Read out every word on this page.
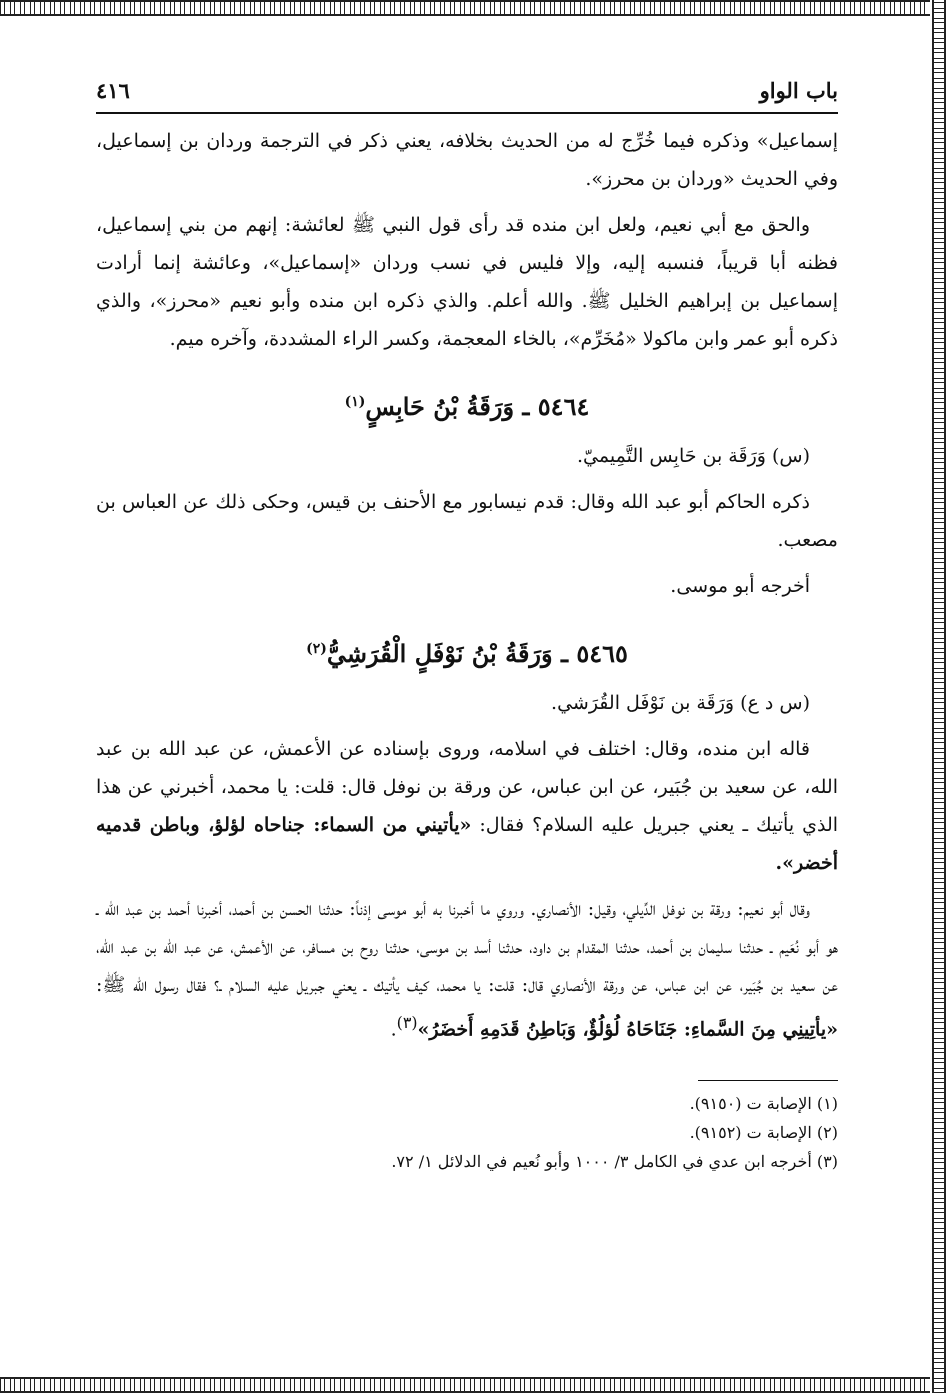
باب الواو
٤١٦

إسماعيل» وذكره فيما خُرِّج له من الحديث بخلافه، يعني ذكر في الترجمة وردان بن إسماعيل، وفي الحديث «وردان بن محرز».

والحق مع أبي نعيم، ولعل ابن منده قد رأى قول النبي ﷺ لعائشة: إنهم من بني إسماعيل، فظنه أبا قريباً، فنسبه إليه، وإلا فليس في نسب وردان «إسماعيل»، وعائشة إنما أرادت إسماعيل بن إبراهيم الخليل ﷺ. والله أعلم. والذي ذكره ابن منده وأبو نعيم «محرز»، والذي ذكره أبو عمر وابن ماكولا «مُخَرِّم»، بالخاء المعجمة، وكسر الراء المشددة، وآخره ميم.

٥٤٦٤ ـ وَرَقَةُ بْنُ حَابِسٍ$^{(١)}$

(س) وَرَقَة بن حَابِس التَّمِيميّ.

ذكره الحاكم أبو عبد الله وقال: قدم نيسابور مع الأحنف بن قيس، وحكى ذلك عن العباس بن مصعب.

أخرجه أبو موسى.

٥٤٦٥ ـ وَرَقَةُ بْنُ نَوْفَلٍ الْقُرَشِيُّ$^{(٢)}$

(س د ع) وَرَقَة بن نَوْفَل القُرَشي.

قاله ابن منده، وقال: اختلف في اسلامه، وروى بإسناده عن الأعمش، عن عبد الله بن عبد الله، عن سعيد بن جُبَير، عن ابن عباس، عن ورقة بن نوفل قال: قلت: يا محمد، أخبرني عن هذا الذي يأتيك ـ يعني جبريل عليه السلام؟ فقال: «يأتيني من السماء: جناحاه لؤلؤ، وباطن قدميه أخضر».

وقال أبو نعيم: ورقة بن نوفل الدِّيلي، وقيل: الأنصاري. وروي ما أخبرنا به أبو موسى إذناً: حدثنا الحسن بن أحمد، أخبرنا أحمد بن عبد الله ـ هو أبو نُعَيم ـ حدثنا سليمان بن أحمد، حدثنا المقدام بن داود، حدثنا أسد بن موسى، حدثنا روح بن مسافر، عن الأعمش، عن عبد الله بن عبد الله، عن سعيد بن جُبَير، عن ابن عباس، عن ورقة الأنصاري قال: قلت: يا محمد، كيف يأتيك ـ يعني جبريل عليه السلام ـ؟ فقال رسول الله ﷺ: «يأتِينِي مِنَ السَّماءِ: جَنَاحَاهُ لُؤلُؤٌ، وَبَاطِنُ قَدَمِهِ أَخضَرُ»$^{(٣)}$.

(١) الإصابة ت (٩١٥٠).

(٢) الإصابة ت (٩١٥٢).

(٣) أخرجه ابن عدي في الكامل ٣/ ١٠٠٠ وأبو نُعيم في الدلائل ١/ ٧٢.
